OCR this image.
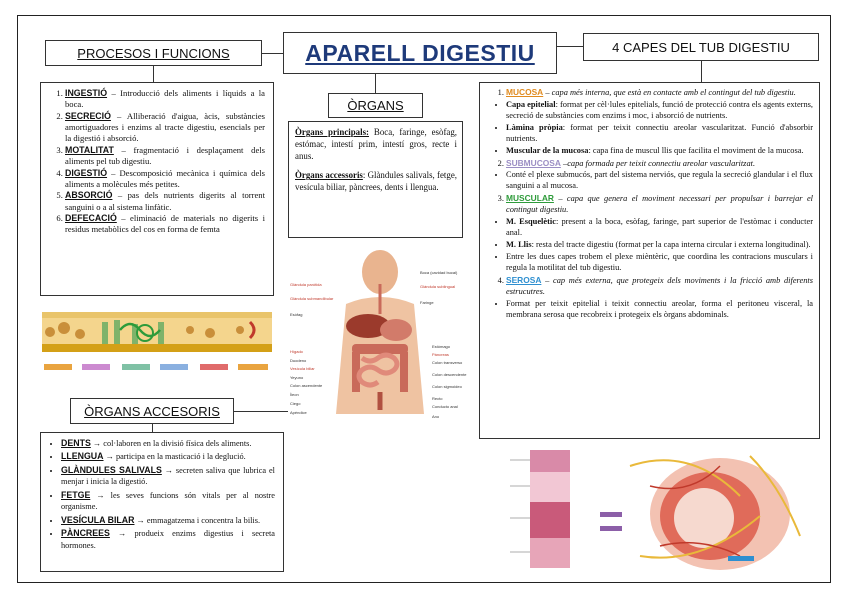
APARELL DIGESTIU
PROCESOS I FUNCIONS
1. INGESTIÓ – Introducció dels aliments i líquids a la boca.
2. SECRECIÓ – Alliberació d'aigua, àcis, substàncies amortiguadores i enzims al tracte digestiu, esencials per la digestió i absorció.
3. MOTALITAT – fragmentació i desplaçament dels aliments pel tub digestiu.
4. DIGESTIÓ – Descomposició mecànica i química dels aliments a molècules més petites.
5. ABSORCIÓ – pas dels nutrients digerits al torrent sanguini o a al sistema linfàtic.
6. DEFECACIÓ – eliminació de materials no digerits i residus metabòlics del cos en forma de femta
ÒRGANS

Òrgans principals: Boca, faringe, esòfag, estómac, intestí prim, intestí gros, recte i anus.

Òrgans accessoris: Glàndules salivals, fetge, vesícula biliar, pàncrees, dents i llengua.

Glàndula parótida
Glàndula submandibular
Esòfag
Hígado
Duodeno
Vesícula biliar
Yeyuno
Colon ascendente
Íleon
Ciego
Apéndice
Boca (cavidad bucal)
Glándula sublingual
Faringe
Estómago
Páncreas
Colon transverso
Colon descendente
Colon sigmoideo
Recto
Conducto anal
Ano
ÒRGANS ACCESORIS
• DENTS → col·laboren en la divisió física dels aliments.
• LLENGUA → participa en la masticació i la deglució.
• GLÀNDULES SALIVALS → secreten saliva que lubrica el menjar i inicia la digestió.
• FETGE → les seves funcions són vitals per al nostre organisme.
• VESÍCULA BILAR → emmagatzema i concentra la bilis.
• PÀNCREES → produeix enzims digestius i secreta hormones.
4 CAPES DEL TUB DIGESTIU
1. MUCOSA – capa més interna, que està en contacte amb el contingut del tub digestiu.
• Capa epitelial: format per cèl·lules epitelials, funció de protecció contra els agents externs, secreció de substàncies com enzims i moc, i absorció de nutrients.
• Làmina pròpia: format per teixit connectiu areolar vascularitzat. Funció d'absorbir nutrients.
• Muscular de la mucosa: capa fina de muscul llis que facilita el moviment de la mucosa.
2. SUBMUCOSA –capa formada per teixit connectiu areolar vascularitzat.
• Conté el plexe submucós, part del sistema nerviós, que regula la secreció glandular i el flux sanguini a al mucosa.
3. MUSCULAR – capa que genera el moviment necessari per propulsar i barrejar el contingut digestiu.
• M. Esquelètic: present a la boca, esòfag, faringe, part superior de l'estòmac i conducter anal.
• M. Llis: resta del tracte digestiu (format per la capa interna circular i externa longitudinal).
• Entre les dues capes trobem el plexe mièntèric, que coordina les contracions musculars i regula la motilitat del tub digestiu.
4. SEROSA – cap més externa, que protegeix dels moviments i la fricció amb diferents estrucutres.
• Format per teixit epitelial i teixit connectiu areolar, forma el peritoneu visceral, la membrana serosa que recobreix i protegeix els òrgans abdominals.
